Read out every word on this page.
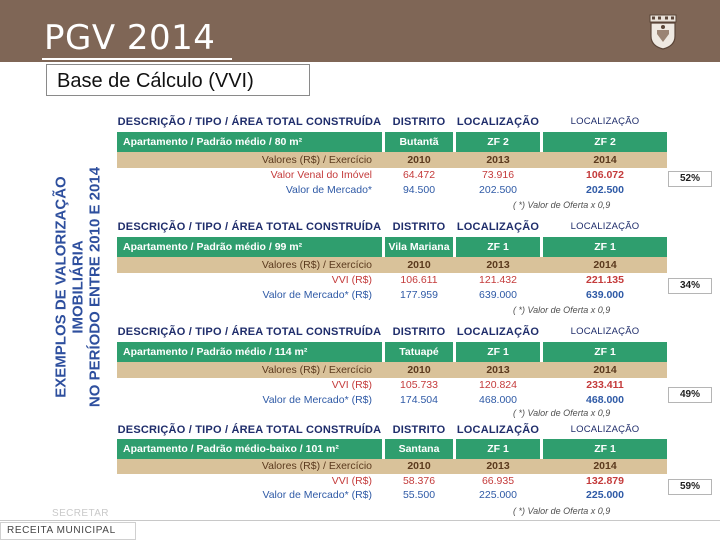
PGV 2014
Base de Cálculo (VVI)
EXEMPLOS DE VALORIZAÇÃO IMOBILIÁRIA NO PERÍODO ENTRE 2010 E 2014
DESCRIÇÃO / TIPO / ÁREA TOTAL CONSTRUÍDA	DISTRITO	LOCALIZAÇÃO	LOCALIZAÇÃO
Apartamento / Padrão médio / 80 m²	Butantã	ZF 2	ZF 2
Valores (R$) / Exercício	2010	2013	2014
Valor Venal do Imóvel	64.472	73.916	106.072
Valor de Mercado*	94.500	202.500	202.500
( *) Valor de Oferta x 0,9
52%
DESCRIÇÃO / TIPO / ÁREA TOTAL CONSTRUÍDA	DISTRITO	LOCALIZAÇÃO	LOCALIZAÇÃO
Apartamento / Padrão médio / 99 m²	Vila Mariana	ZF 1	ZF 1
Valores (R$) / Exercício	2010	2013	2014
VVI (R$)	106.611	121.432	221.135
Valor de Mercado* (R$)	177.959	639.000	639.000
( *) Valor de Oferta x 0,9
34%
DESCRIÇÃO / TIPO / ÁREA TOTAL CONSTRUÍDA	DISTRITO	LOCALIZAÇÃO	LOCALIZAÇÃO
Apartamento / Padrão médio / 114 m²	Tatuapé	ZF 1	ZF 1
Valores (R$) / Exercício	2010	2013	2014
VVI (R$)	105.733	120.824	233.411
Valor de Mercado* (R$)	174.504	468.000	468.000
( *) Valor de Oferta x 0,9
49%
DESCRIÇÃO / TIPO / ÁREA TOTAL CONSTRUÍDA	DISTRITO	LOCALIZAÇÃO	LOCALIZAÇÃO
Apartamento / Padrão médio-baixo / 101 m²	Santana	ZF 1	ZF 1
Valores (R$) / Exercício	2010	2013	2014
VVI (R$)	58.376	66.935	132.879
Valor de Mercado* (R$)	55.500	225.000	225.000
( *) Valor de Oferta x 0,9
59%
SECRETAR
RECEITA MUNICIPAL
